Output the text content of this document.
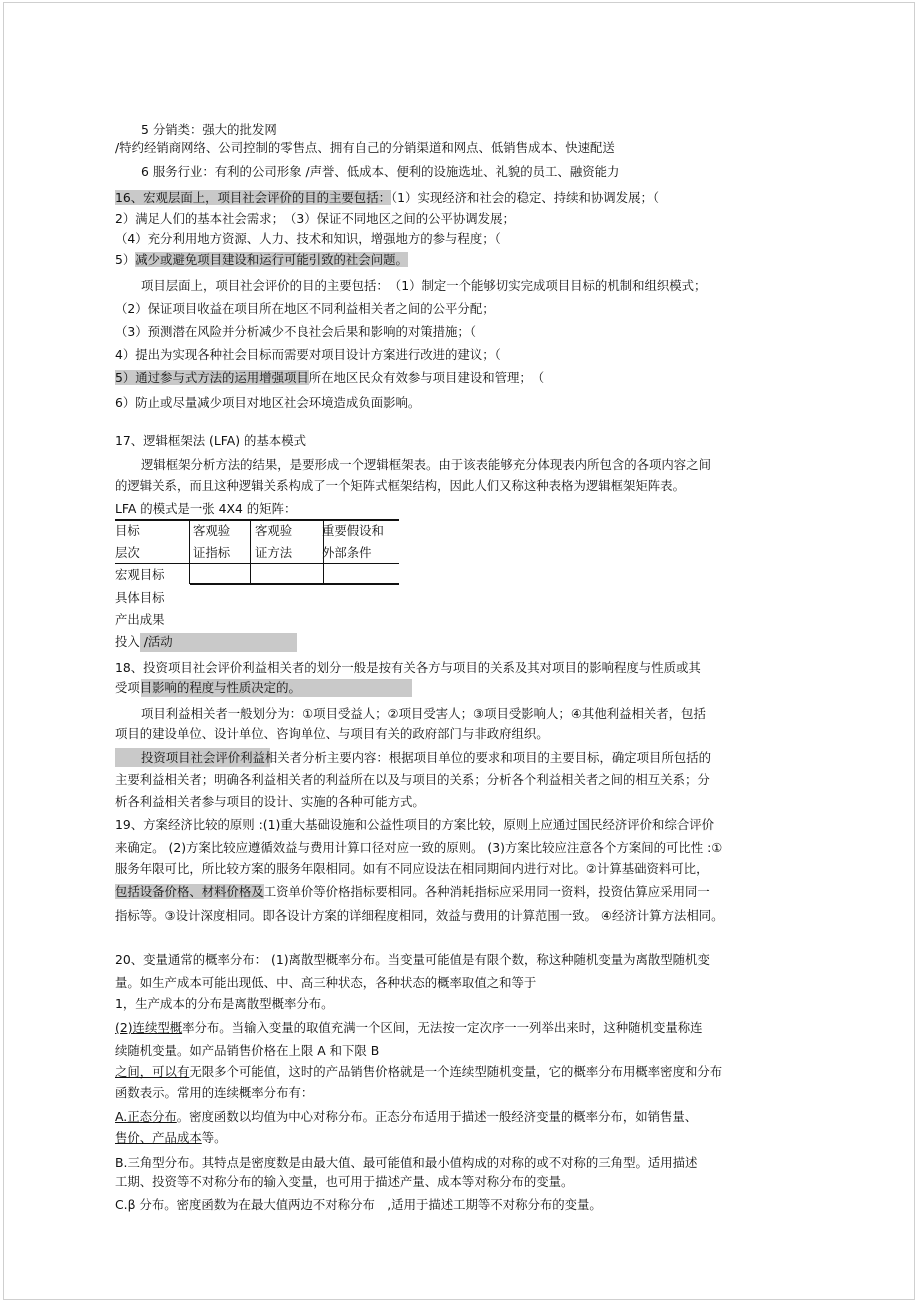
5 分销类：强大的批发网
/特约经销商网络、公司控制的零售点、拥有自己的分销渠道和网点、低销售成本、快速配送
6 服务行业：有利的公司形象 /声誉、低成本、便利的设施选址、礼貌的员工、融资能力
16、宏观层面上，项目社会评价的目的主要包括：（1）实现经济和社会的稳定、持续和协调发展；（
2）满足人们的基本社会需求；　（3）保证不同地区之间的公平协调发展；
（4）充分利用地方资源、人力、技术和知识，增强地方的参与程度；（
5）减少或避免项目建设和运行可能引致的社会问题。
项目层面上，项目社会评价的目的主要包括：　（1）制定一个能够切实完成项目目标的机制和组织模式；
（2）保证项目收益在项目所在地区不同利益相关者之间的公平分配；
（3）预测潜在风险并分析减少不良社会后果和影响的对策措施；（
4）提出为实现各种社会目标而需要对项目设计方案进行改进的建议；（
5）通过参与式方法的运用增强项目所在地区民众有效参与项目建设和管理；　（
6）防止或尽量减少项目对地区社会环境造成负面影响。
17、逻辑框架法 (LFA) 的基本模式
逻辑框架分析方法的结果，是要形成一个逻辑框架表。由于该表能够充分体现表内所包含的各项内容之间
的逻辑关系，而且这种逻辑关系构成了一个矩阵式框架结构，因此人们又称这种表格为逻辑框架矩阵表。
LFA 的模式是一张 4X4 的矩阵：
目标	客观验 客观验 重要假设和
层次	证指标 证方法 外部条件
宏观目标
具体目标
产出成果
投入 /活动
18、投资项目社会评价利益相关者的划分一般是按有关各方与项目的关系及其对项目的影响程度与性质或其
受项目影响的程度与性质决定的。
项目利益相关者一般划分为：①项目受益人；②项目受害人；③项目受影响人；④其他利益相关者，包括
项目的建设单位、设计单位、咨询单位、与项目有关的政府部门与非政府组织。
投资项目社会评价利益相关者分析主要内容：根据项目单位的要求和项目的主要目标，确定项目所包括的
主要利益相关者；明确各利益相关者的利益所在以及与项目的关系；分析各个利益相关者之间的相互关系；分
析各利益相关者参与项目的设计、实施的各种可能方式。
19、方案经济比较的原则 :(1)重大基础设施和公益性项目的方案比较，原则上应通过国民经济评价和综合评价
来确定。 (2)方案比较应遵循效益与费用计算口径对应一致的原则。 (3)方案比较应注意各个方案间的可比性 :①
服务年限可比，所比较方案的服务年限相同。如有不同应设法在相同期间内进行对比。②计算基础资料可比，
包括设备价格、材料价格及工资单价等价格指标要相同。各种消耗指标应采用同一资料，投资估算应采用同一
指标等。③设计深度相同。即各设计方案的详细程度相同，效益与费用的计算范围一致。 ④经济计算方法相同。
20、变量通常的概率分布： (1)离散型概率分布。当变量可能值是有限个数，称这种随机变量为离散型随机变
量。如生产成本可能出现低、中、高三种状态，各种状态的概率取值之和等于
1，生产成本的分布是离散型概率分布。
(2)连续型概率分布。当输入变量的取值充满一个区间，无法按一定次序一一列举出来时，这种随机变量称连
续随机变量。如产品销售价格在上限 A 和下限 B
之间，可以有无限多个可能值，这时的产品销售价格就是一个连续型随机变量，它的概率分布用概率密度和分布
函数表示。常用的连续概率分布有：
A.正态分布。密度函数以均值为中心对称分布。正态分布适用于描述一般经济变量的概率分布，如销售量、
售价、产品成本等。
B.三角型分布。其特点是密度数是由最大值、最可能值和最小值构成的对称的或不对称的三角型。适用描述
工期、投资等不对称分布的输入变量，也可用于描述产量、成本等对称分布的变量。
C.β 分布。密度函数为在最大值两边不对称分布　,适用于描述工期等不对称分布的变量。
